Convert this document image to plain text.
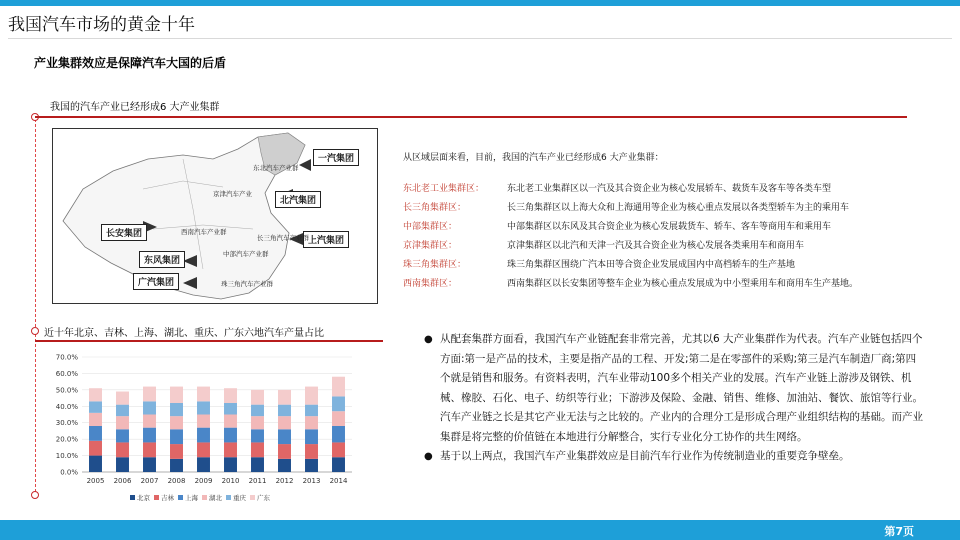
我国汽车市场的黄金十年
产业集群效应是保障汽车大国的后盾
我国的汽车产业已经形成6 大产业集群
一汽集团
北汽集团
长安集团
上汽集团
东风集团
广汽集团
东北汽车产业群
京津汽车产业
西南汽车产业群
中部汽车产业群
长三角汽车产业群
珠三角汽车产业群
从区域层面来看，目前，我国的汽车产业已经形成6 大产业集群：
东北老工业集群区：	东北老工业集群区以一汽及其合资企业为核心发展轿车、载货车及客车等各类车型
长三角集群区：	长三角集群区以上海大众和上海通用等企业为核心重点发展以各类型轿车为主的乘用车
中部集群区：	中部集群区以东风及其合资企业为核心发展载货车、轿车、客车等商用车和乘用车
京津集群区：	京津集群区以北汽和天津一汽及其合资企业为核心发展各类乘用车和商用车
珠三角集群区：	珠三角集群区围绕广汽本田等合资企业发展成国内中高档轿车的生产基地
西南集群区：	西南集群区以长安集团等整车企业为核心重点发展成为中小型乘用车和商用车生产基地。
近十年北京、吉林、上海、湖北、重庆、广东六地汽车产量占比
0.0%
10.0%
20.0%
30.0%
40.0%
50.0%
60.0%
70.0%
2005 2006 2007 2008 2009 2010 2011 2012 2013 2014
北京 吉林 上海 湖北 重庆 广东
● 从配套集群方面看，我国汽车产业链配套非常完善，尤其以6 大产业集群作为代表。汽车产业链包括四个方面:第一是产品的技术，主要是指产品的工程、开发;第二是在零部件的采购;第三是汽车制造厂商;第四个就是销售和服务。有资料表明，汽车业带动100多个相关产业的发展。汽车产业链上游涉及钢铁、机械、橡胶、石化、电子、纺织等行业；下游涉及保险、金融、销售、维修、加油站、餐饮、旅馆等行业。汽车产业链之长是其它产业无法与之比较的。产业内的合理分工是形成合理产业组织结构的基础。而产业集群是将完整的价值链在本地进行分解整合，实行专业化分工协作的共生网络。
● 基于以上两点，我国汽车产业集群效应是目前汽车行业作为传统制造业的重要竞争壁垒。
第7页
